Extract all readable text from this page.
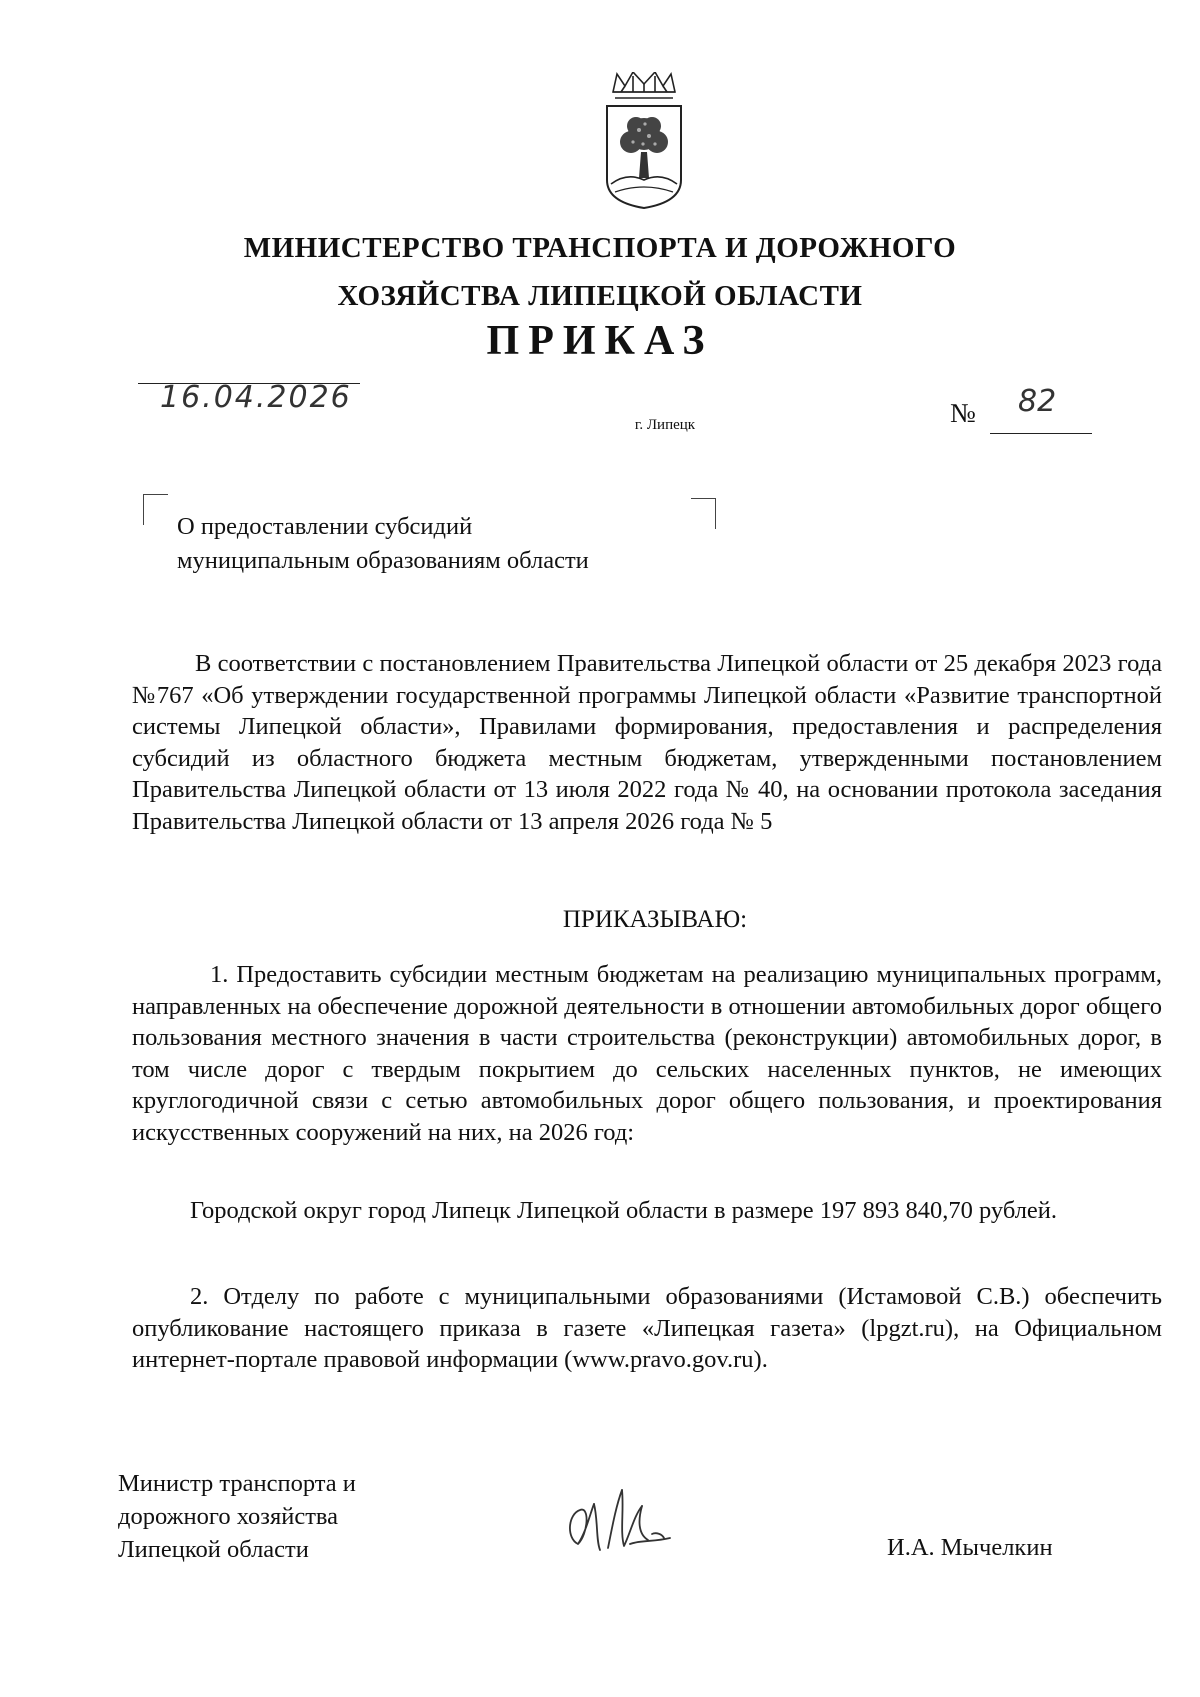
МИНИСТЕРСТВО ТРАНСПОРТА И ДОРОЖНОГО
ХОЗЯЙСТВА ЛИПЕЦКОЙ ОБЛАСТИ
ПРИКАЗ
16.04.2026
г. Липецк	№ 82
О предоставлении субсидий
муниципальным образованиям области
В соответствии с постановлением Правительства Липецкой области от 25 декабря 2023 года №767 «Об утверждении государственной программы Липецкой области «Развитие транспортной системы Липецкой области», Правилами формирования, предоставления и распределения субсидий из областного бюджета местным бюджетам, утвержденными постановлением Правительства Липецкой области от 13 июля 2022 года № 40, на основании протокола заседания Правительства Липецкой области от 13 апреля 2026 года № 5
ПРИКАЗЫВАЮ:
1. Предоставить субсидии местным бюджетам на реализацию муниципальных программ, направленных на обеспечение дорожной деятельности в отношении автомобильных дорог общего пользования местного значения в части строительства (реконструкции) автомобильных дорог, в том числе дорог с твердым покрытием до сельских населенных пунктов, не имеющих круглогодичной связи с сетью автомобильных дорог общего пользования, и проектирования искусственных сооружений на них, на 2026 год:
Городской округ город Липецк Липецкой области в размере 197 893 840,70 рублей.
2. Отделу по работе с муниципальными образованиями (Истамовой С.В.) обеспечить опубликование настоящего приказа в газете «Липецкая газета» (lpgzt.ru), на Официальном интернет-портале правовой информации (www.pravo.gov.ru).
Министр транспорта и
дорожного хозяйства
Липецкой области	И.А. Мычелкин
